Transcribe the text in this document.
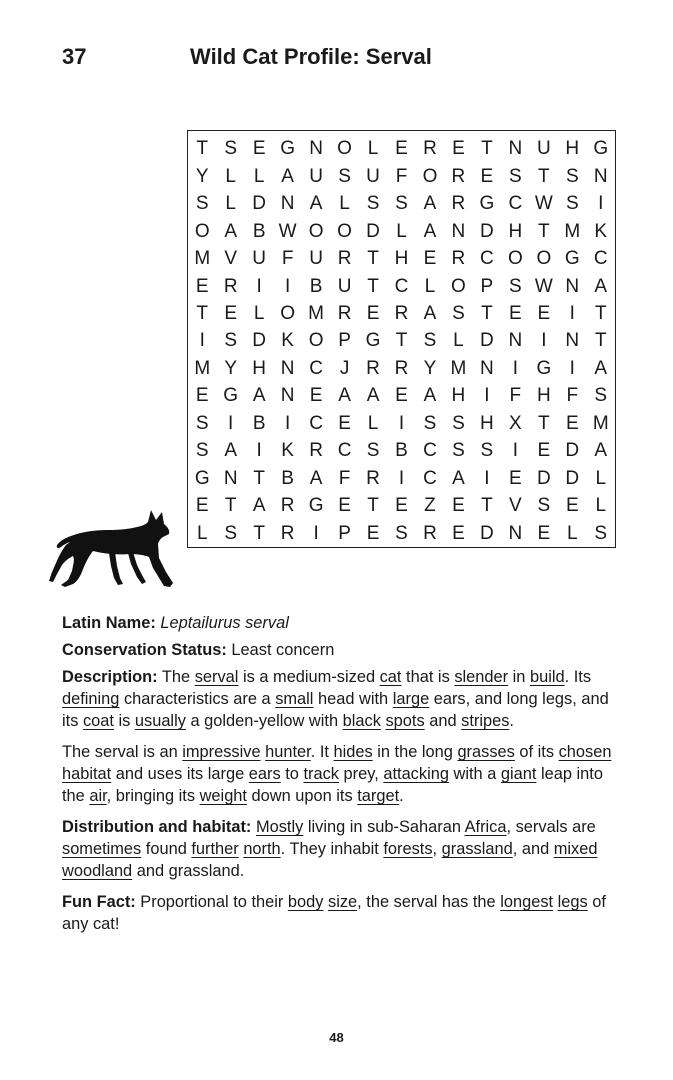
37	Wild Cat Profile: Serval
T S E G N O L E R E T N U H G
Y L L A U S U F O R E S T S N
S L D N A L S S A R G C W S	I
O A B W O O D L A N D H T M K
M V U F U R T H E R C O O G C
E R I	I	B U T C L O P S W N A
T E L O M R E R A S T E E	I	T
I	S D K O P G T S L D N I N T
M Y H N C J R R Y M N I G I	A
E G A N E A A E A H I	F H F S
S	I	B	I C E L	I	S S H X T E M
S A	I	K R C S B C S S	I	E D A
G N T B A F R I C A	I	E D D L
E T A R G E T E Z E T V S E L
L S T R I	P E S R E D N E L S

Latin Name: Leptailurus serval

Conservation Status: Least concern

Description: The serval is a medium-sized cat that is slender in build. Its defining characteristics are a small head with large ears, and long legs, and its coat is usually a golden-yellow with black spots and stripes.

The serval is an impressive hunter. It hides in the long grasses of its chosen habitat and uses its large ears to track prey, attacking with a giant leap into the air, bringing its weight down upon its target.

Distribution and habitat: Mostly living in sub-Saharan Africa, servals are sometimes found further north. They inhabit forests, grassland, and mixed woodland and grassland.

Fun Fact: Proportional to their body size, the serval has the longest legs of any cat!

48
